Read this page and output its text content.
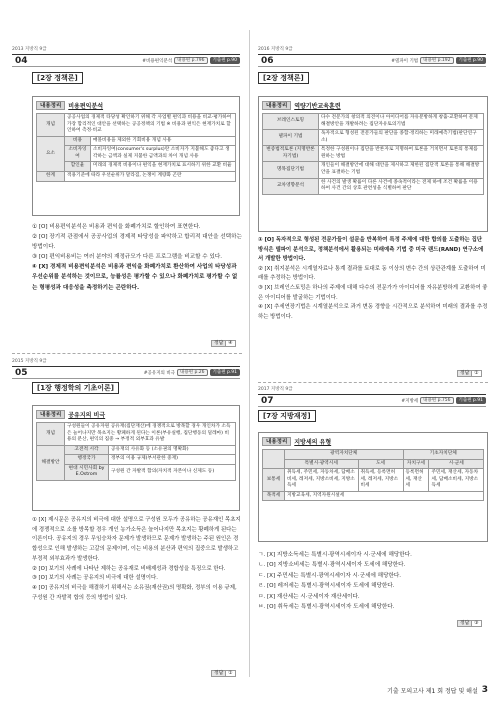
2013 지방직 9급
04	#비용편익분석	내용편 p.796	기출편 p.90
[2장 정책론]
내용정리	비용편익분석
개념	공공사업의 경제적 타당성 확인하기 위해 각 사업별 편익과 비용을 비교·평가하여 가장 합리적인 대안을 선택하는 공공정책의 기법 ※ 비용과 편익은 현재가치로 할인하여 측정·비교	
요소	비용	매몰비용을 제외한 기회비용 개념 사용
	소비자잉여	소비자잉여(consumer's surplus)란 소비자가 지불해도 좋다고 생각하는 금액과 실제 지불한 금액과의 차이 개념 사용
	할인율	미래의 경제적 비용이나 편익을 현재가치로 표시하기 위한 교환 비율
한계	적용기준에 따라 우선순위가 달라짐, 논쟁이 계량화 곤란	

① [O] 비용편익분석은 비용과 편익을 화폐가치로 할인하여 표현한다.

② [O] 장기적 관점에서 공공사업의 경제적 타당성을 파악하고 합리적 대안을 선택하는 방법이다.

③ [O] 편익비용비는 여러 분야의 재정규모가 다른 프로그램을 비교할 수 있다.

④ [X] 경제적 비용편익분석은 비용과 편익을 화폐가치로 환산하여 사업의 타당성과 우선순위를 분석하는 것이므로, 능률성은 평가할 수 있으나 화폐가치로 평가할 수 없는 형평성과 대응성을 측정하기는 곤란하다.

정답	④
2015 지방직 9급
05	#공유지의 비극	내용편 p.26	기출편 p.91
[1장 행정학의 기초이론]
내용정리	공유지의 비극
개념	구성원들이 공유자원 공유재(집단재산)에 경쟁적으로 방목할 경우 개인차가 소득은 늘어나지만 목초지는 황폐하게 된다는 이론(부유실행, 집단행동의 딜레마) 비용의 분산, 편익의 집중 → 부정적 외부효과 유발	
해결방안	고전적 시각	공유재의 사유화 등 (소유권의 명확화)
	행정국가	정부의 이용 규제(부서관한 중재)
	현대 시민사회 by E.Ostrom	구성원 간 자발적 합의(자치적 자본이나 신제도 등)

① [X] 제시문은 공유지의 비극에 대한 설명으로 구성원 모두가 공유하는 공유재인 목초지에 경쟁적으로 소를 방목할 경우 개인 농가소득은 늘어나지만 목초지는 황폐하게 된다는 이론이다. 공유지의 경우 무임승차자 문제가 발생하므로 문제가 발생하는 주된 원인은 경합성으로 인해 발생하는 고갈의 문제이며, 이는 비용의 분산과 편익의 집중으로 발생하고 부정적 외부효과가 발생한다.

② [O] 보기의 사례에 나타난 제하는 공유재로 비배제성과 경합성을 특징으로 한다.

③ [O] 보기의 사례는 공유지의 비극에 대한 설명이다.

④ [O] 공유지의 비극을 해결하기 위해서는 소유권(재산권)의 명확화, 정부의 이용 규제, 구성원 간 자발적 합의 등의 방법이 있다.

정답	①
2016 지방직 9급
06	#델파이 기법	내용편 p.192	기출편 p.90
[2장 정책론]
내용정리	역량기반교육훈련
브레인스토밍	다수 전문가의 창의적 의견이나 아이디어를 자유분방하게 창출·교환하여 문제해결방안을 개발하려는 집단자유토의기법
델파이 기법	독자적으로 형성된 전문가들의 판단을 종합·정리하는 미래예측기법(판단연구소)
변증법적토론 (지명반론자기법)	특정한 구성원이나 집단을 반론자로 지명하여 토론을 거치면서 토론의 통제를 원하는 방법
명목집단기법	개인들이 해결방안에 대해 대안을 제시하고 제한된 집단적 토론을 통해 해결방안을 표결하는 기법
교차영향분석	한 사건의 발생 확률이 다른 사건에 종속적이라는 전제 하에 조건 확률을 이용하여 사건 간의 상호 관련성을 식별하여 판단

① [O] 독자적으로 형성된 전문가들이 설문을 반복하여 특정 주제에 대한 합의를 도출하는 집단 방식은 델파이 분석으로, 정책분석에서 활용되는 미래예측 기법 중 미국 랜드(RAND) 연구소에서 개발한 방법이다.

② [X] 취지분석은 시계열자료나 통계 결과를 토대로 동 이상의 변수 간의 상관관계를 도출하여 미래를 추정하는 방법이다.

③ [X] 브레인스토밍은 하나의 주제에 대해 다수의 전문가가 아이디어를 자유분방하게 교환하여 좋은 아이디어를 발굴하는 기법이다.

④ [X] 추세연장기법은 시계열분석으로 과거 변동 경향을 시간적으로 분석하여 미래의 결과를 추정하는 방법이다.

정답	①
2017 지방직 9급
07	#지방세	내용편 p.756	기출편 p.91
[7장 지방재정]
내용정리	지방세의 유형
	광역자치단체		기초자치단체	
	특별시·광역시세	도세	자치구세	시·군세
보통세	취득세, 주민세, 자동차세, 담배소비세, 레저세, 지방소비세, 지방소득세	취득세, 등록면허세, 레저세, 지방소비세	등록면허세, 재산세	주민세, 재산세, 자동차세, 담배소비세, 지방소득세
목적세	지방교육세, 지역자원시설세			

ㄱ. [X] 지방소득세는 특별시·광역시세이자 시·군세에 해당한다.

ㄴ. [O] 지방소비세는 특별시·광역시세이자 도세에 해당한다.

ㄷ. [X] 주민세는 특별시·광역시세이자 시·군세에 해당한다.

ㄹ. [O] 레저세는 특별시·광역시세이자 도세에 해당한다.

ㅁ. [X] 재산세는 시·군세이자 재산세이다.

ㅂ. [O] 취득세는 특별시·광역시세이자 도세에 해당한다.

정답	③
기출 모의고사 제1 회 정답 및 해설 3
